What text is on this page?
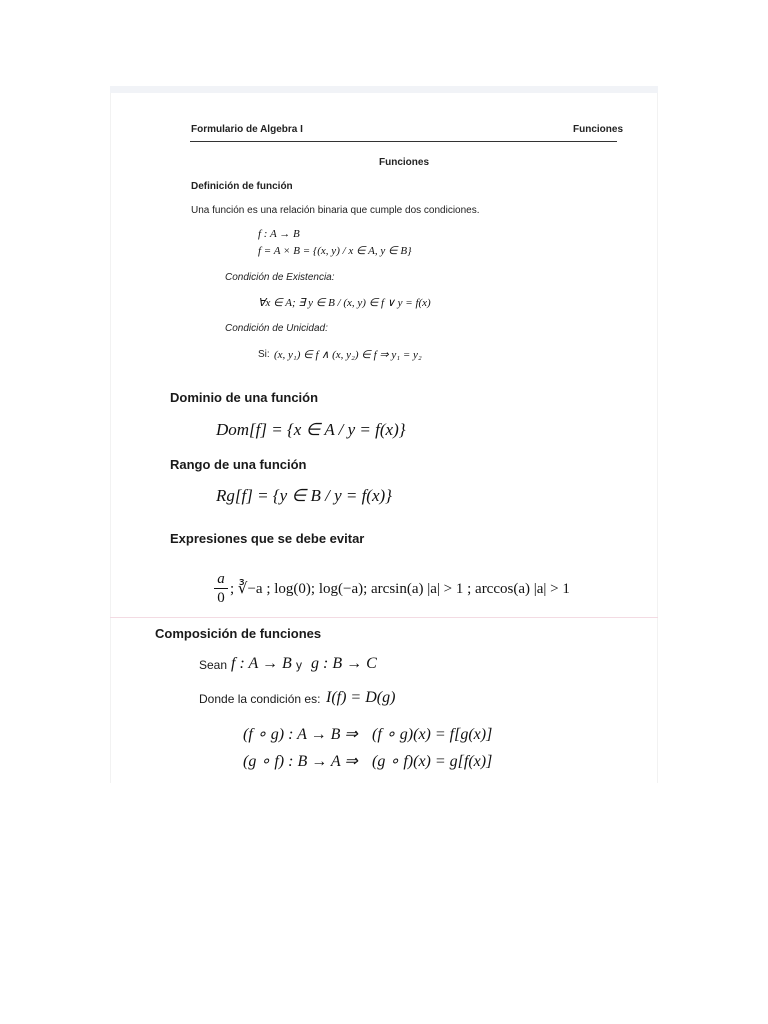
Formulario de Algebra I	Funciones
Funciones
Definición de función
Una función es una relación binaria que cumple dos condiciones.
f : A → B
f = A × B = {(x, y) / x ∈ A, y ∈ B}
Condición de Existencia:
∀x ∈ A; ∃ y ∈ B / (x, y) ∈ f ∨ y = f(x)
Condición de Unicidad:
Si: (x, y₁) ∈ f ∧ (x, y₂) ∈ f ⇒ y₁ = y₂
Dominio de una función
Dom[f] = {x ∈ A / y = f(x)}
Rango de una función
Rg[f] = {y ∈ B / y = f(x)}
Expresiones que se debe evitar
a
0
; ∛−a ; log(0); log(−a); arcsin(a) |a| > 1 ; arccos(a) |a| > 1
Composición de funciones
Sean f : A → B y g : B → C
Donde la condición es: I(f) = D(g)
(f ∘ g) : A → B ⇒ (f ∘ g)(x) = f[g(x)]
(g ∘ f) : B → A ⇒ (g ∘ f)(x) = g[f(x)]
